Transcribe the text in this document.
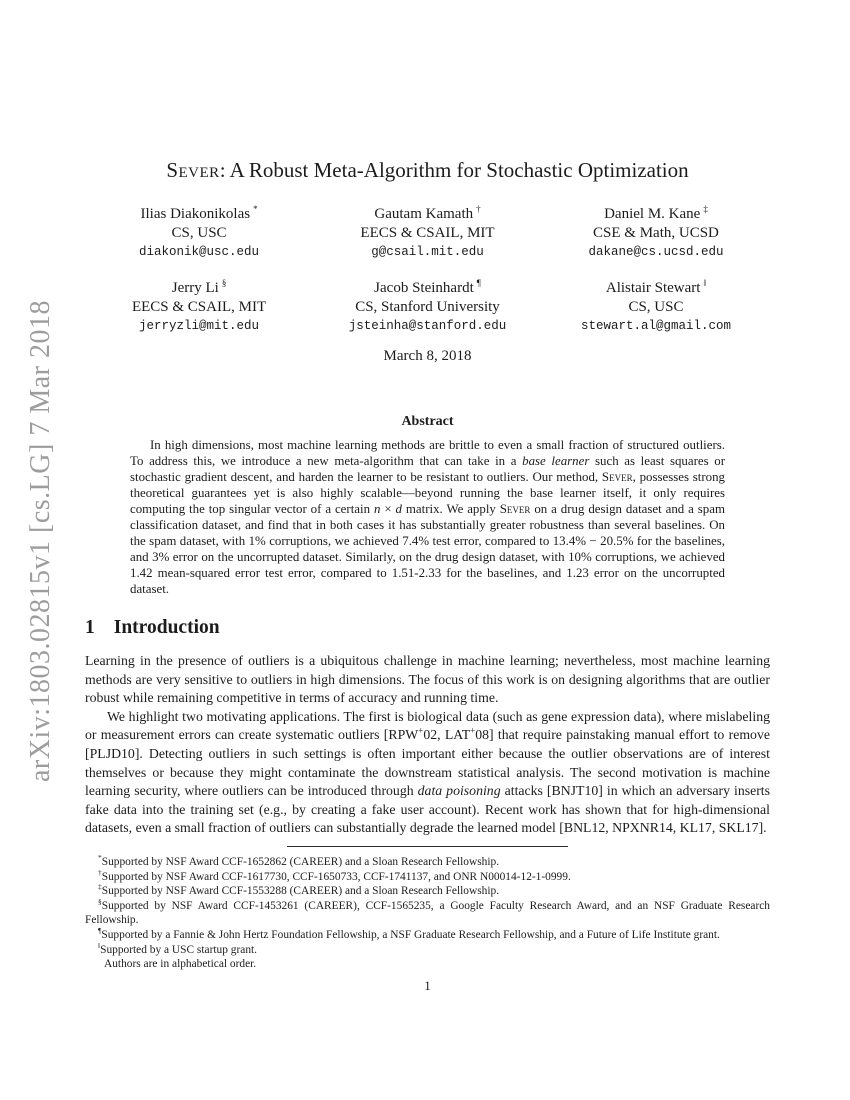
arXiv:1803.02815v1 [cs.LG] 7 Mar 2018
Sever: A Robust Meta-Algorithm for Stochastic Optimization
Ilias Diakonikolas *
CS, USC
diakonik@usc.edu
Gautam Kamath †
EECS & CSAIL, MIT
g@csail.mit.edu
Daniel M. Kane ‡
CSE & Math, UCSD
dakane@cs.ucsd.edu
Jerry Li §
EECS & CSAIL, MIT
jerryzli@mit.edu
Jacob Steinhardt ¶
CS, Stanford University
jsteinha@stanford.edu
Alistair Stewart ‖
CS, USC
stewart.al@gmail.com
March 8, 2018
Abstract

In high dimensions, most machine learning methods are brittle to even a small fraction of structured outliers. To address this, we introduce a new meta-algorithm that can take in a base learner such as least squares or stochastic gradient descent, and harden the learner to be resistant to outliers. Our method, Sever, possesses strong theoretical guarantees yet is also highly scalable—beyond running the base learner itself, it only requires computing the top singular vector of a certain n × d matrix. We apply Sever on a drug design dataset and a spam classification dataset, and find that in both cases it has substantially greater robustness than several baselines. On the spam dataset, with 1% corruptions, we achieved 7.4% test error, compared to 13.4% − 20.5% for the baselines, and 3% error on the uncorrupted dataset. Similarly, on the drug design dataset, with 10% corruptions, we achieved 1.42 mean-squared error test error, compared to 1.51-2.33 for the baselines, and 1.23 error on the uncorrupted dataset.

1 Introduction

Learning in the presence of outliers is a ubiquitous challenge in machine learning; nevertheless, most machine learning methods are very sensitive to outliers in high dimensions. The focus of this work is on designing algorithms that are outlier robust while remaining competitive in terms of accuracy and running time.

We highlight two motivating applications. The first is biological data (such as gene expression data), where mislabeling or measurement errors can create systematic outliers [RPW+02, LAT+08] that require painstaking manual effort to remove [PLJD10]. Detecting outliers in such settings is often important either because the outlier observations are of interest themselves or because they might contaminate the downstream statistical analysis. The second motivation is machine learning security, where outliers can be introduced through data poisoning attacks [BNJT10] in which an adversary inserts fake data into the training set (e.g., by creating a fake user account). Recent work has shown that for high-dimensional datasets, even a small fraction of outliers can substantially degrade the learned model [BNL12, NPXNR14, KL17, SKL17].

*Supported by NSF Award CCF-1652862 (CAREER) and a Sloan Research Fellowship.

†Supported by NSF Award CCF-1617730, CCF-1650733, CCF-1741137, and ONR N00014-12-1-0999.

‡Supported by NSF Award CCF-1553288 (CAREER) and a Sloan Research Fellowship.

§Supported by NSF Award CCF-1453261 (CAREER), CCF-1565235, a Google Faculty Research Award, and an NSF Graduate Research Fellowship.

¶Supported by a Fannie & John Hertz Foundation Fellowship, a NSF Graduate Research Fellowship, and a Future of Life Institute grant.

‖Supported by a USC startup grant.

Authors are in alphabetical order.

1
